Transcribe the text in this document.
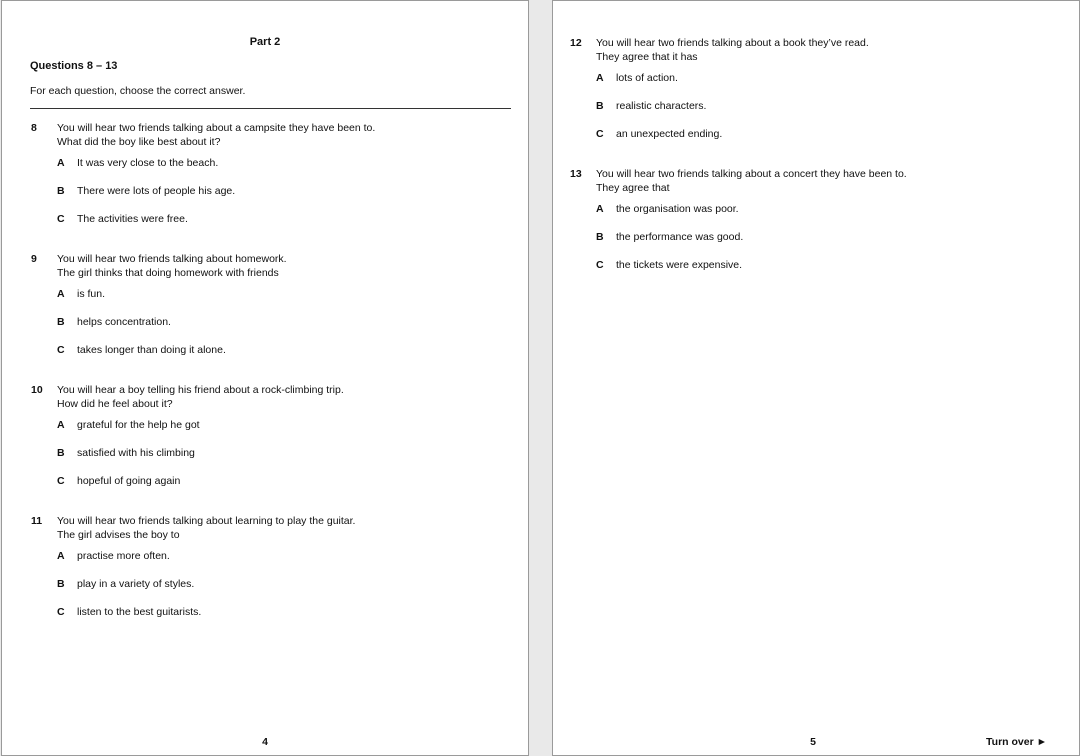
Part 2
Questions 8 – 13
For each question, choose the correct answer.
8 You will hear two friends talking about a campsite they have been to.
What did the boy like best about it?
A It was very close to the beach.
B There were lots of people his age.
C The activities were free.
9 You will hear two friends talking about homework.
The girl thinks that doing homework with friends
A is fun.
B helps concentration.
C takes longer than doing it alone.
10 You will hear a boy telling his friend about a rock-climbing trip.
How did he feel about it?
A grateful for the help he got
B satisfied with his climbing
C hopeful of going again
11 You will hear two friends talking about learning to play the guitar.
The girl advises the boy to
A practise more often.
B play in a variety of styles.
C listen to the best guitarists.
4
12 You will hear two friends talking about a book they’ve read.
They agree that it has
A lots of action.
B realistic characters.
C an unexpected ending.
13 You will hear two friends talking about a concert they have been to.
They agree that
A the organisation was poor.
B the performance was good.
C the tickets were expensive.
5	Turn over ►
